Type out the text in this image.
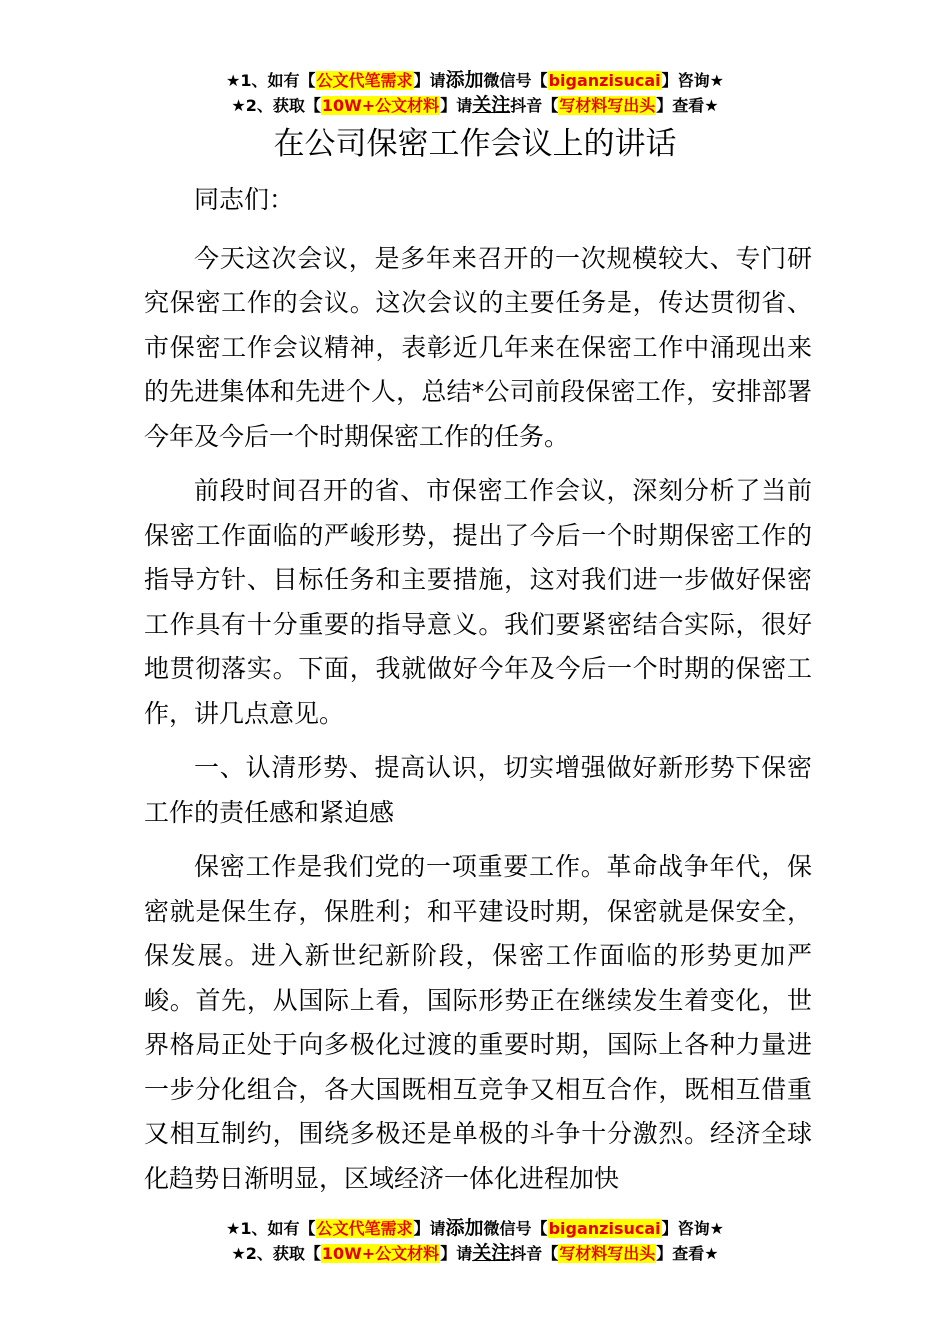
★1、如有【公文代笔需求】请添加微信号【biganzisucai】咨询★
★2、获取【10W+公文材料】请关注抖音【写材料写出头】查看★
在公司保密工作会议上的讲话

同志们：

今天这次会议，是多年来召开的一次规模较大、专门研究保密工作的会议。这次会议的主要任务是，传达贯彻省、市保密工作会议精神，表彰近几年来在保密工作中涌现出来的先进集体和先进个人，总结*公司前段保密工作，安排部署今年及今后一个时期保密工作的任务。

前段时间召开的省、市保密工作会议，深刻分析了当前保密工作面临的严峻形势，提出了今后一个时期保密工作的指导方针、目标任务和主要措施，这对我们进一步做好保密工作具有十分重要的指导意义。我们要紧密结合实际，很好地贯彻落实。下面，我就做好今年及今后一个时期的保密工作，讲几点意见。

一、认清形势、提高认识，切实增强做好新形势下保密工作的责任感和紧迫感

保密工作是我们党的一项重要工作。革命战争年代，保密就是保生存，保胜利；和平建设时期，保密就是保安全，保发展。进入新世纪新阶段，保密工作面临的形势更加严峻。首先，从国际上看，国际形势正在继续发生着变化，世界格局正处于向多极化过渡的重要时期，国际上各种力量进一步分化组合，各大国既相互竞争又相互合作，既相互借重又相互制约，围绕多极还是单极的斗争十分激烈。经济全球化趋势日渐明显，区域经济一体化进程加快

★1、如有【公文代笔需求】请添加微信号【biganzisucai】咨询★
★2、获取【10W+公文材料】请关注抖音【写材料写出头】查看★
